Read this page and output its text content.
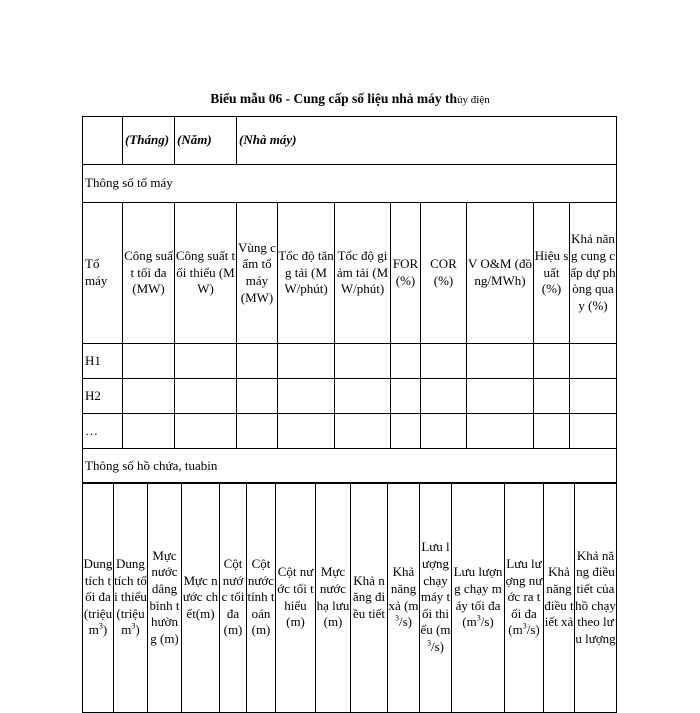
Biểu mẫu 06 - Cung cấp số liệu nhà máy thủy điện
	(Tháng)	(Năm)	(Nhà máy)							
Thông số tổ máy										
Tổ máy	Công suất tối đa (MW)	Công suất tối thiểu (MW)	Vùng cấm tổ máy (MW)	Tốc độ tăng tải (MW/phút)	Tốc độ giảm tải (MW/phút)	FOR (%)	COR (%)	V O&M (đồng/MWh)	Hiệu suất (%)	Khả năng cung cấp dự phòng quay (%)
H1										
H2										
…										
Thông số hồ chứa, tuabin										
Dung tích tối đa (triệu $m^3$)	Dung tích tối thiểu (triệu $m^3$)	Mực nước dâng bình thường (m)	Mực nước chết(m)	Cột nước tối đa (m)	Cột nước tính toán (m)	Cột nước tối thiểu (m)	Mực nước hạ lưu (m)	Khả năng điều tiết	Khả năng xả $(m^3/s)$	Lưu lượng chạy máy tối thiểu $(m^3/s)$	Lưu lượng chạy máy tối đa $(m^3/s)$	Lưu lượng nước ra tối đa $(m^3/s)$	Khả năng điều tiết xả	Khả năng điều tiết của hồ chạy theo lưu lượng
